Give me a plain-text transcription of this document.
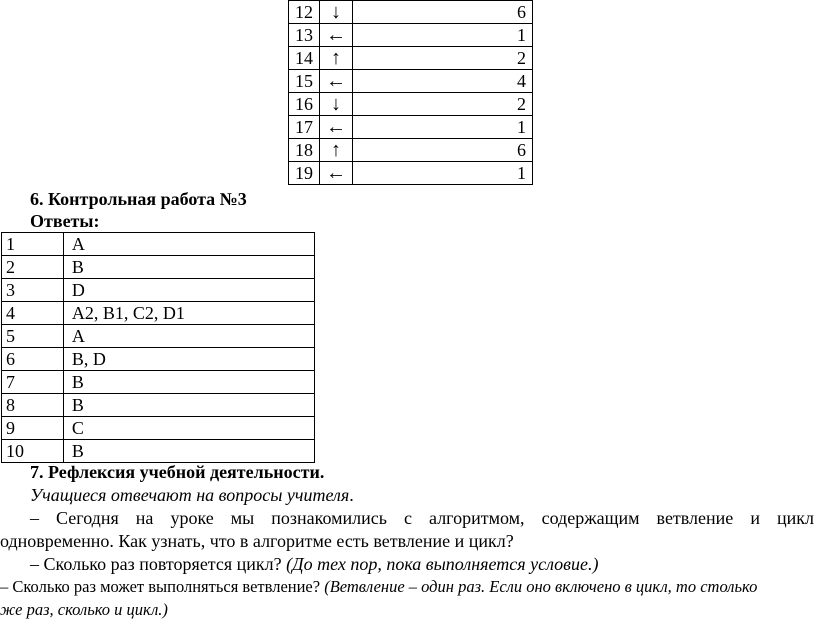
12	↓	6
13	←	1
14	↑	2
15	←	4
16	↓	2
17	←	1
18	↑	6
19	←	1
6. Контрольная работа №3
Ответы:
1	A
2	B
3	D
4	A2, B1, C2, D1
5	A
6	B, D
7	B
8	B
9	C
10	B
7. Рефлексия учебной деятельности.
Учащиеся отвечают на вопросы учителя.
– Сегодня на уроке мы познакомились с алгоритмом, содержащим ветвление и цикл
одновременно. Как узнать, что в алгоритме есть ветвление и цикл?
– Сколько раз повторяется цикл? (До тех пор, пока выполняется условие.)
– Сколько раз может выполняться ветвление? (Ветвление – один раз. Если оно включено в цикл, то столько
же раз, сколько и цикл.)
